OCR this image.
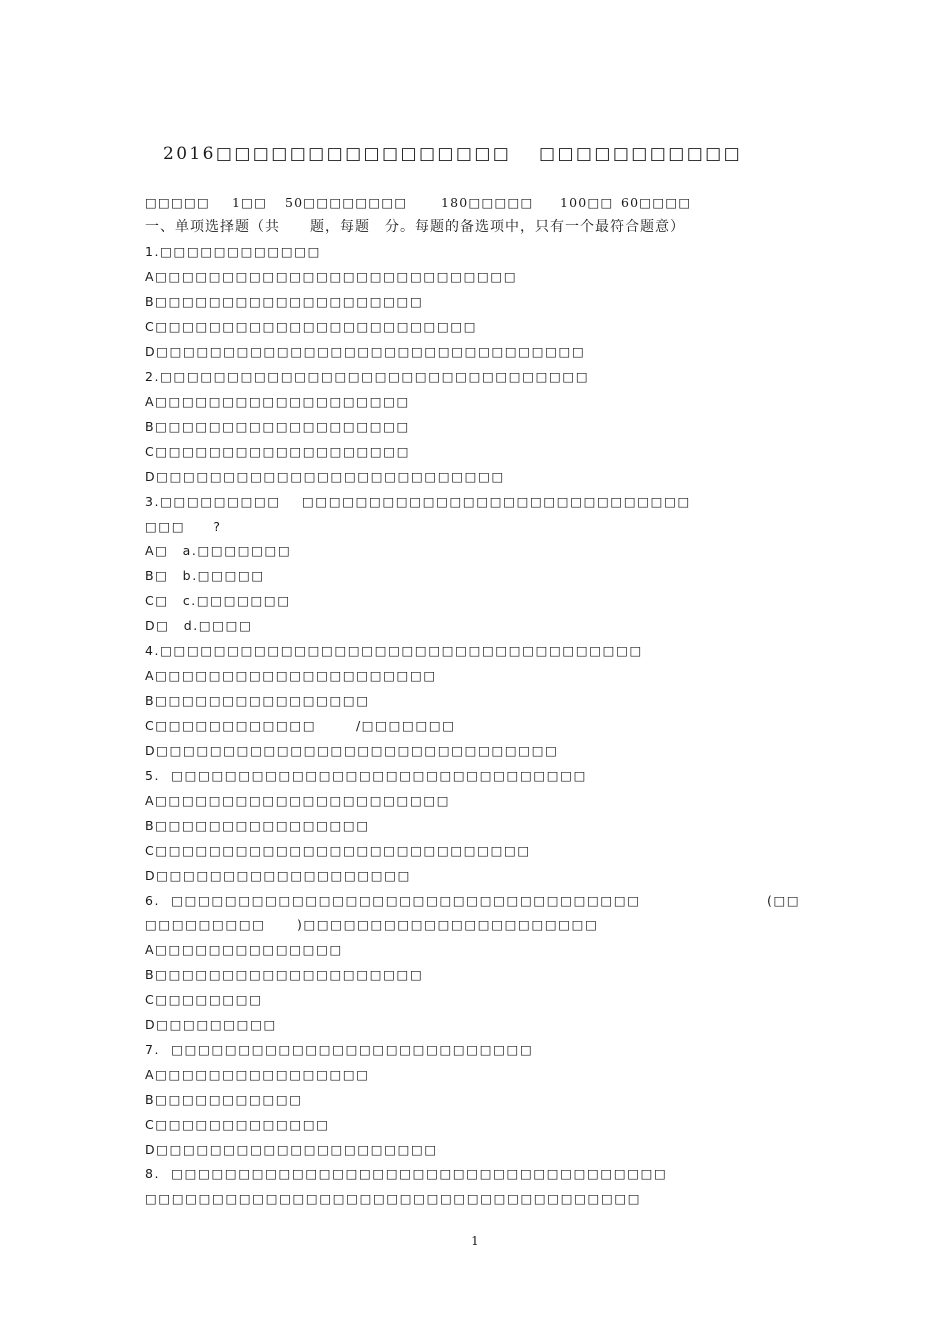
2016□□□□□□□□□□□□□□□□ □□□□□□□□□□□
□□□□□ 1□□ 50□□□□□□□□	180□□□□□ 100□□ 60□□□□
一、单项选择题（共　　题，每题　分。每题的备选项中，只有一个最符合题意）
1.□□□□□□□□□□□□
A□□□□□□□□□□□□□□□□□□□□□□□□□□□
B□□□□□□□□□□□□□□□□□□□□
C□□□□□□□□□□□□□□□□□□□□□□□□
D□□□□□□□□□□□□□□□□□□□□□□□□□□□□□□□□
2.□□□□□□□□□□□□□□□□□□□□□□□□□□□□□□□□
A□□□□□□□□□□□□□□□□□□□
B□□□□□□□□□□□□□□□□□□□
C□□□□□□□□□□□□□□□□□□□
D□□□□□□□□□□□□□□□□□□□□□□□□□□
3.□□□□□□□□□ □□□□□□□□□□□□□□□□□□□□□□□□□□□□□
□□□　　?
A□　a.□□□□□□□
B□　b.□□□□□
C□　c.□□□□□□□
D□　d.□□□□
4.□□□□□□□□□□□□□□□□□□□□□□□□□□□□□□□□□□□□
A□□□□□□□□□□□□□□□□□□□□□
B□□□□□□□□□□□□□□□□
C□□□□□□□□□□□□	/□□□□□□□
D□□□□□□□□□□□□□□□□□□□□□□□□□□□□□□
5.  □□□□□□□□□□□□□□□□□□□□□□□□□□□□□□□
A□□□□□□□□□□□□□□□□□□□□□□
B□□□□□□□□□□□□□□□□
C□□□□□□□□□□□□□□□□□□□□□□□□□□□□
D□□□□□□□□□□□□□□□□□□□
6.  □□□□□□□□□□□□□□□□□□□□□□□□□□□□□□□□□□□	(□□
□□□□□□□□□	)□□□□□□□□□□□□□□□□□□□□□□
A□□□□□□□□□□□□□□
B□□□□□□□□□□□□□□□□□□□□
C□□□□□□□□
D□□□□□□□□□
7.  □□□□□□□□□□□□□□□□□□□□□□□□□□□
A□□□□□□□□□□□□□□□□
B□□□□□□□□□□□
C□□□□□□□□□□□□□
D□□□□□□□□□□□□□□□□□□□□□
8.  □□□□□□□□□□□□□□□□□□□□□□□□□□□□□□□□□□□□□
□□□□□□□□□□□□□□□□□□□□□□□□□□□□□□□□□□□□□
1
